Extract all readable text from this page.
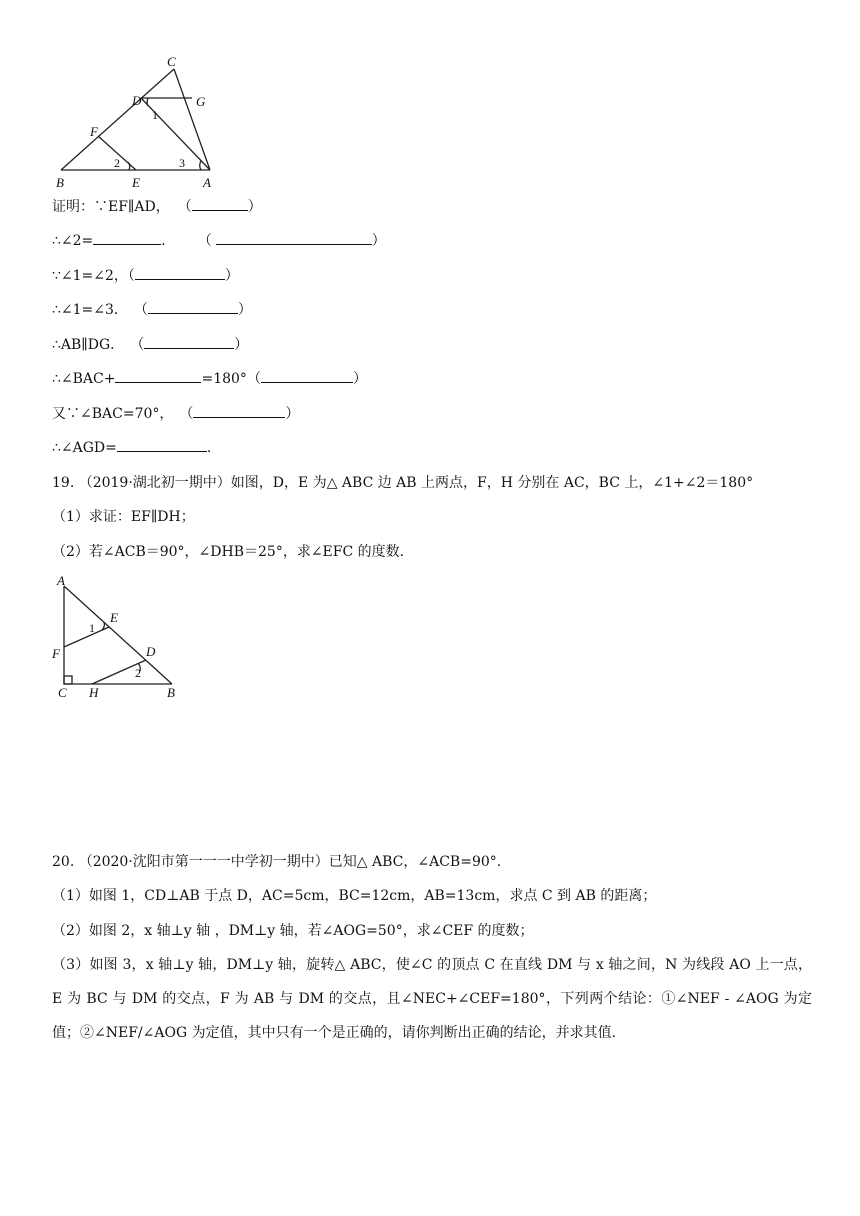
C
D	G
F
B	E	A
1
2	3
证明：∵EF∥AD， （	）
∴∠2=	. （	）
∵∠1=∠2，（	）
∴∠1=∠3． （	）
∴AB∥DG． （	）
∴∠BAC+	=180°（	）
又∵∠BAC=70°， （	）
∴∠AGD=	.
19. （2019·湖北初一期中）如图，D，E 为△ ABC 边 AB 上两点，F，H 分别在 AC，BC 上，∠1+∠2＝180°
（1）求证：EF∥DH；
（2）若∠ACB＝90°，∠DHB＝25°，求∠EFC 的度数．
A
E
1
F	D
2
C H	B
20. （2020·沈阳市第一一一中学初一期中）已知△ ABC，∠ACB=90°.
（1）如图 1，CD⊥AB 于点 D，AC=5cm，BC=12cm，AB=13cm，求点 C 到 AB 的距离；
（2）如图 2，x 轴⊥y 轴 ，DM⊥y 轴，若∠AOG=50°，求∠CEF 的度数；
（3）如图 3，x 轴⊥y 轴，DM⊥y 轴，旋转△ ABC，使∠C 的顶点 C 在直线 DM 与 x 轴之间，N 为线段 AO 上一点，E 为 BC 与 DM 的交点，F 为 AB 与 DM 的交点，且∠NEC+∠CEF=180°，下列两个结论：①∠NEF - ∠AOG 为定值；②∠NEF/∠AOG 为定值，其中只有一个是正确的，请你判断出正确的结论，并求其值.
